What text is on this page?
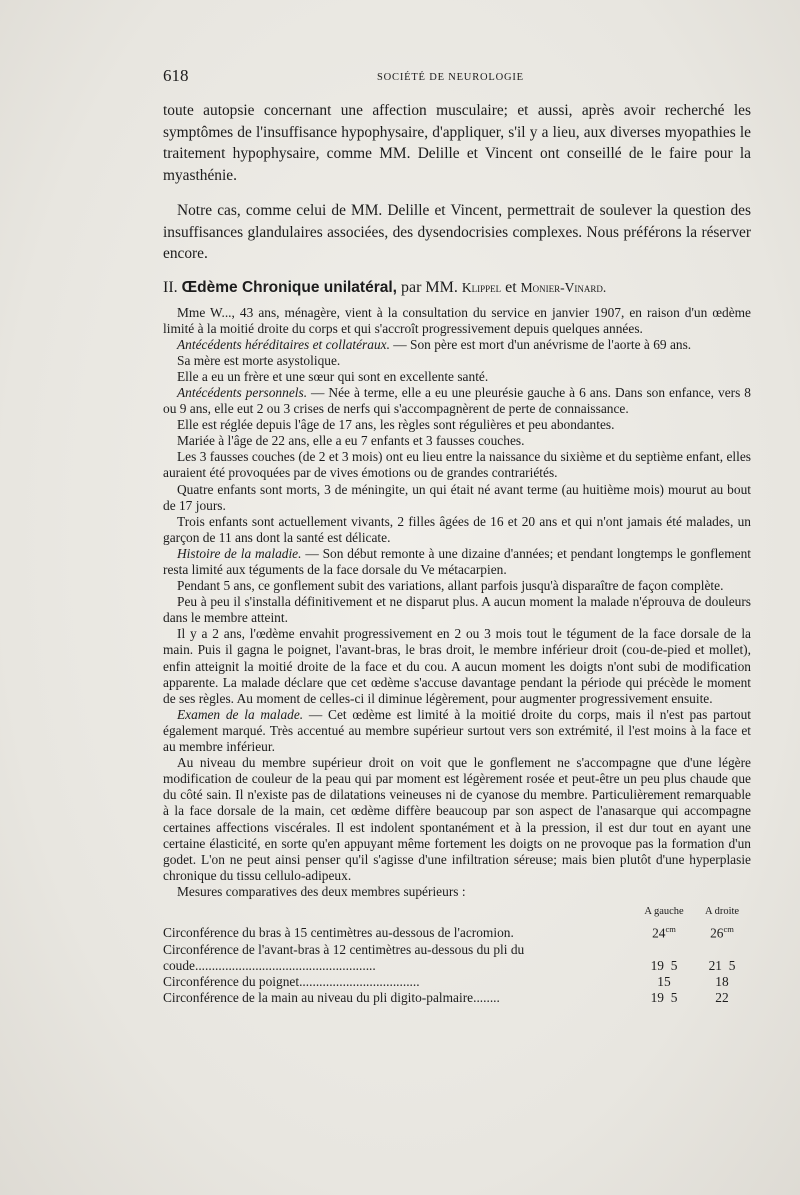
618	SOCIÉTÉ DE NEUROLOGIE

toute autopsie concernant une affection musculaire; et aussi, après avoir recherché les symptômes de l'insuffisance hypophysaire, d'appliquer, s'il y a lieu, aux diverses myopathies le traitement hypophysaire, comme MM. Delille et Vincent ont conseillé de le faire pour la myasthénie.

Notre cas, comme celui de MM. Delille et Vincent, permettrait de soulever la question des insuffisances glandulaires associées, des dysendocrisies complexes. Nous préférons la réserver encore.

II. Œdème Chronique unilatéral, par MM. Klippel et Monier-Vinard.

Mme W..., 43 ans, ménagère, vient à la consultation du service en janvier 1907, en raison d'un œdème limité à la moitié droite du corps et qui s'accroît progressivement depuis quelques années.

Antécédents héréditaires et collatéraux. — Son père est mort d'un anévrisme de l'aorte à 69 ans.

Sa mère est morte asystolique.

Elle a eu un frère et une sœur qui sont en excellente santé.

Antécédents personnels. — Née à terme, elle a eu une pleurésie gauche à 6 ans. Dans son enfance, vers 8 ou 9 ans, elle eut 2 ou 3 crises de nerfs qui s'accompagnèrent de perte de connaissance.

Elle est réglée depuis l'âge de 17 ans, les règles sont régulières et peu abondantes.

Mariée à l'âge de 22 ans, elle a eu 7 enfants et 3 fausses couches.

Les 3 fausses couches (de 2 et 3 mois) ont eu lieu entre la naissance du sixième et du septième enfant, elles auraient été provoquées par de vives émotions ou de grandes contrariétés.

Quatre enfants sont morts, 3 de méningite, un qui était né avant terme (au huitième mois) mourut au bout de 17 jours.

Trois enfants sont actuellement vivants, 2 filles âgées de 16 et 20 ans et qui n'ont jamais été malades, un garçon de 11 ans dont la santé est délicate.

Histoire de la maladie. — Son début remonte à une dizaine d'années; et pendant longtemps le gonflement resta limité aux téguments de la face dorsale du Ve métacarpien.

Pendant 5 ans, ce gonflement subit des variations, allant parfois jusqu'à disparaître de façon complète.

Peu à peu il s'installa définitivement et ne disparut plus. A aucun moment la malade n'éprouva de douleurs dans le membre atteint.

Il y a 2 ans, l'œdème envahit progressivement en 2 ou 3 mois tout le tégument de la face dorsale de la main. Puis il gagna le poignet, l'avant-bras, le bras droit, le membre inférieur droit (cou-de-pied et mollet), enfin atteignit la moitié droite de la face et du cou. A aucun moment les doigts n'ont subi de modification apparente. La malade déclare que cet œdème s'accuse davantage pendant la période qui précède le moment de ses règles. Au moment de celles-ci il diminue légèrement, pour augmenter progressivement ensuite.

Examen de la malade. — Cet œdème est limité à la moitié droite du corps, mais il n'est pas partout également marqué. Très accentué au membre supérieur surtout vers son extrémité, il l'est moins à la face et au membre inférieur.

Au niveau du membre supérieur droit on voit que le gonflement ne s'accompagne que d'une légère modification de couleur de la peau qui par moment est légèrement rosée et peut-être un peu plus chaude que du côté sain. Il n'existe pas de dilatations veineuses ni de cyanose du membre. Particulièrement remarquable à la face dorsale de la main, cet œdème diffère beaucoup par son aspect de l'anasarque qui accompagne certaines affections viscérales. Il est indolent spontanément et à la pression, il est dur tout en ayant une certaine élasticité, en sorte qu'en appuyant même fortement les doigts on ne provoque pas la formation d'un godet. L'on ne peut ainsi penser qu'il s'agisse d'une infiltration séreuse; mais bien plutôt d'une hyperplasie chronique du tissu cellulo-adipeux.

Mesures comparatives des deux membres supérieurs :

A gauche	A droite
Circonférence du bras à 15 centimètres au-dessous de l'acromion.	$24^{cm}$	$26^{cm}$
Circonférence de l'avant-bras à 12 centimètres au-dessous du pli du coude......................................................	19  5	21  5
Circonférence du poignet....................................	15	18
Circonférence de la main au niveau du pli digito-palmaire........	19  5	22
